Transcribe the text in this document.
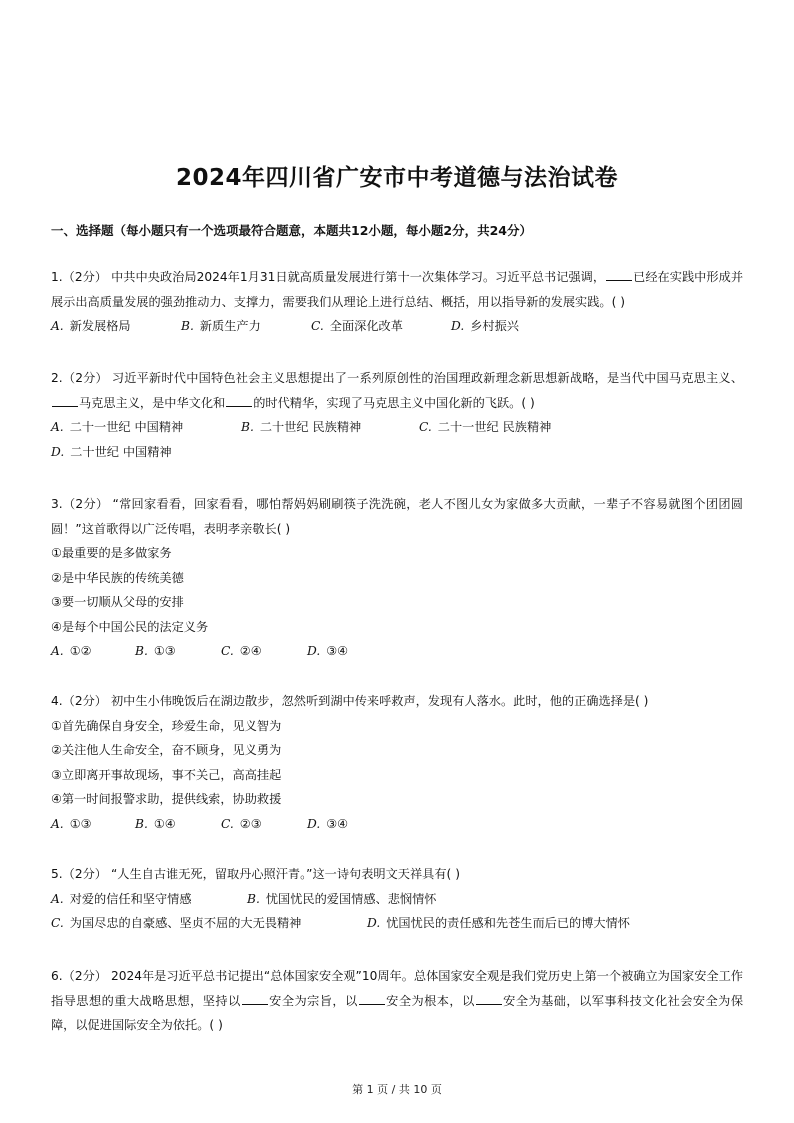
2024年四川省广安市中考道德与法治试卷
一、选择题（每小题只有一个选项最符合题意，本题共12小题，每小题2分，共24分）
1.（2分） 中共中央政治局2024年1月31日就高质量发展进行第十一次集体学习。习近平总书记强调， 已经在实践中形成并展示出高质量发展的强劲推动力、支撑力，需要我们从理论上进行总结、概括，用以指导新的发展实践。( )
A. 新发展格局	B. 新质生产力	C. 全面深化改革	D. 乡村振兴
2.（2分） 习近平新时代中国特色社会主义思想提出了一系列原创性的治国理政新理念新思想新战略，是当代中国马克思主义、马克思主义，是中华文化和 的时代精华，实现了马克思主义中国化新的飞跃。( )
A. 二十一世纪 中国精神	B. 二十世纪 民族精神	C. 二十一世纪 民族精神
D. 二十世纪 中国精神
3.（2分） “常回家看看，回家看看，哪怕帮妈妈刷刷筷子洗洗碗，老人不图儿女为家做多大贡献，一辈子不容易就图个团团圆圆！”这首歌得以广泛传唱，表明孝亲敬长( )
①最重要的是多做家务
②是中华民族的传统美德
③要一切顺从父母的安排
④是每个中国公民的法定义务
A. ①②	B. ①③	C. ②④	D. ③④
4.（2分） 初中生小伟晚饭后在湖边散步，忽然听到湖中传来呼救声，发现有人落水。此时，他的正确选择是( )
①首先确保自身安全，珍爱生命，见义智为
②关注他人生命安全，奋不顾身，见义勇为
③立即离开事故现场，事不关己，高高挂起
④第一时间报警求助，提供线索，协助救援
A. ①③	B. ①④	C. ②③	D. ③④
5.（2分） “人生自古谁无死，留取丹心照汗青。”这一诗句表明文天祥具有( )
A. 对爱的信任和坚守情感	B. 忧国忧民的爱国情感、悲悯情怀
C. 为国尽忠的自豪感、坚贞不屈的大无畏精神	D. 忧国忧民的责任感和先苍生而后已的博大情怀
6.（2分） 2024年是习近平总书记提出“总体国家安全观”10周年。总体国家安全观是我们党历史上第一个被确立为国家安全工作指导思想的重大战略思想，坚持以 安全为宗旨，以 安全为根本，以 安全为基础，以军事科技文化社会安全为保障，以促进国际安全为依托。( )
第 1 页 / 共 10 页
